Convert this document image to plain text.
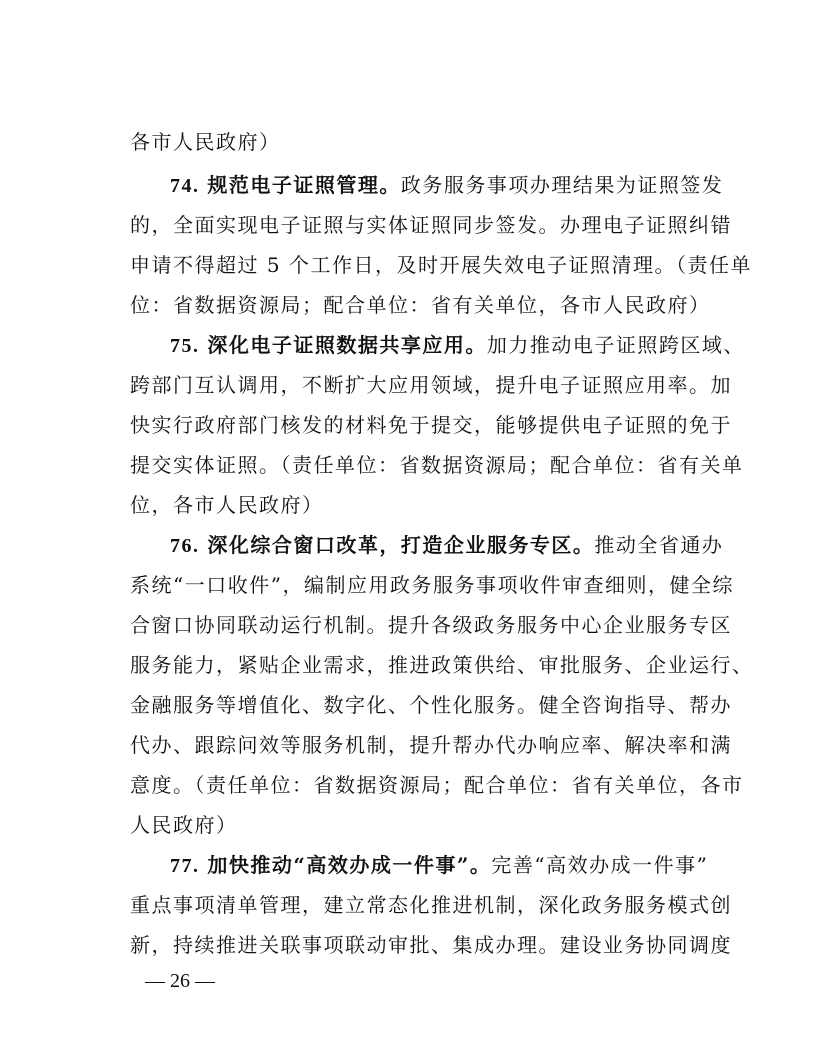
各市人民政府）
74. 规范电子证照管理。政务服务事项办理结果为证照签发
的，全面实现电子证照与实体证照同步签发。办理电子证照纠错
申请不得超过 5 个工作日，及时开展失效电子证照清理。（责任单
位：省数据资源局；配合单位：省有关单位，各市人民政府）
75. 深化电子证照数据共享应用。加力推动电子证照跨区域、
跨部门互认调用，不断扩大应用领域，提升电子证照应用率。加
快实行政府部门核发的材料免于提交，能够提供电子证照的免于
提交实体证照。（责任单位：省数据资源局；配合单位：省有关单
位，各市人民政府）
76. 深化综合窗口改革，打造企业服务专区。推动全省通办
系统“一口收件”，编制应用政务服务事项收件审查细则，健全综
合窗口协同联动运行机制。提升各级政务服务中心企业服务专区
服务能力，紧贴企业需求，推进政策供给、审批服务、企业运行、
金融服务等增值化、数字化、个性化服务。健全咨询指导、帮办
代办、跟踪问效等服务机制，提升帮办代办响应率、解决率和满
意度。（责任单位：省数据资源局；配合单位：省有关单位，各市
人民政府）
77. 加快推动“高效办成一件事”。完善“高效办成一件事”
重点事项清单管理，建立常态化推进机制，深化政务服务模式创
新，持续推进关联事项联动审批、集成办理。建设业务协同调度
— 26 —
